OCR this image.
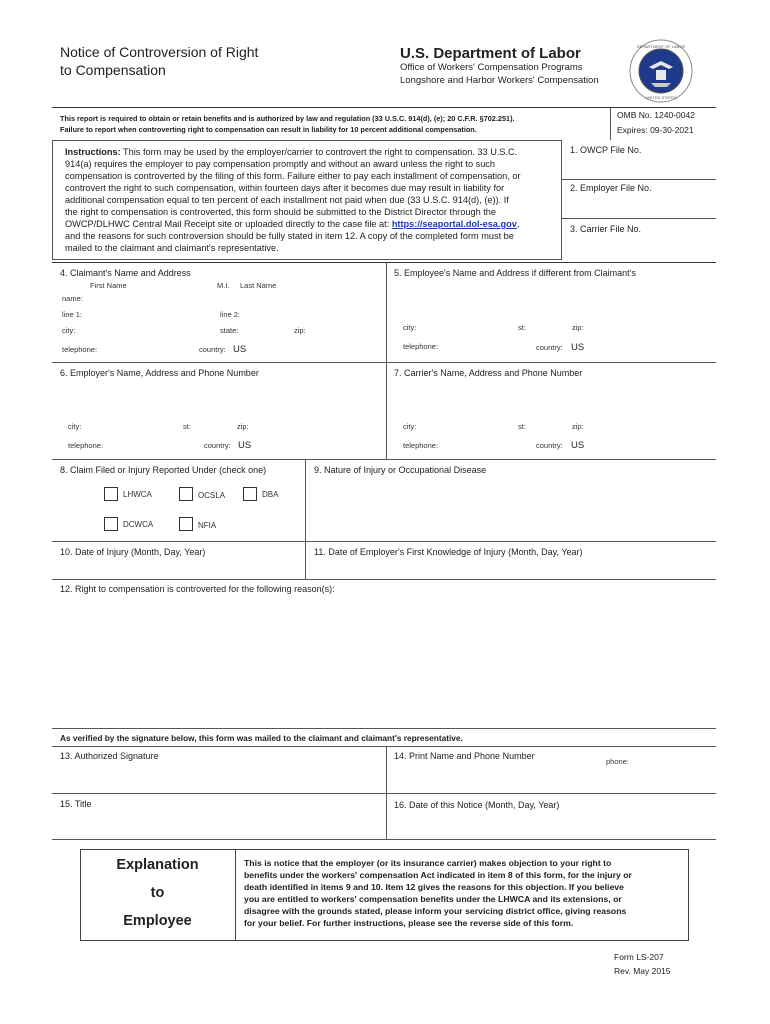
Notice of Controversion of Right
to Compensation
U.S. Department of Labor
Office of Workers' Compensation Programs
Longshore and Harbor Workers' Compensation
DEPARTMENT OF LABOR
UNITED STATES
This report is required to obtain or retain benefits and is authorized by law and regulation (33 U.S.C. 914(d), (e); 20 C.F.R. §702.251).
Failure to report when controverting right to compensation can result in liability for 10 percent additional compensation.
OMB No. 1240-0042
Expires: 09-30-2021
Instructions: This form may be used by the employer/carrier to controvert the right to compensation. 33 U.S.C.
914(a) requires the employer to pay compensation promptly and without an award unless the right to such
compensation is controverted by the filing of this form. Failure either to pay each installment of compensation, or
controvert the right to such compensation, within fourteen days after it becomes due may result in liability for
additional compensation equal to ten percent of each installment not paid when due (33 U.S.C. 914(d), (e)). If
the right to compensation is controverted, this form should be submitted to the District Director through the
OWCP/DLHWC Central Mail Receipt site or uploaded directly to the case file at: https://seaportal.dol-esa.gov,
and the reasons for such controversion should be fully stated in item 12. A copy of the completed form must be
mailed to the claimant and claimant's representative.
1. OWCP File No.
2. Employer File No.
3. Carrier File No.
4. Claimant's Name and Address
First Name	M.I. Last Name
name:
line 1:	line 2:
city:	state:	zip:
telephone:	country: US
5. Employee's Name and Address if different from Claimant's
city:	st:	zip:
telephone:	country: US
6. Employer's Name, Address and Phone Number
city:	st:	zip:
telephone:	country: US
7. Carrier's Name, Address and Phone Number
city:	st:	zip:
telephone:	country: US
8. Claim Filed or Injury Reported Under (check one)
LHWCA	OCSLA	DBA
DCWCA	NFIA
9. Nature of Injury or Occupational Disease
10. Date of Injury (Month, Day, Year)	11. Date of Employer's First Knowledge of Injury (Month, Day, Year)
12. Right to compensation is controverted for the following reason(s):
As verified by the signature below, this form was mailed to the claimant and claimant's representative.
13. Authorized Signature	14. Print Name and Phone Number
phone:
15. Title	16. Date of this Notice (Month, Day, Year)
Explanation
to
Employee
This is notice that the employer (or its insurance carrier) makes objection to your right to
benefits under the workers' compensation Act indicated in item 8 of this form, for the injury or
death identified in items 9 and 10. Item 12 gives the reasons for this objection. If you believe
you are entitled to workers' compensation benefits under the LHWCA and its extensions, or
disagree with the grounds stated, please inform your servicing district office, giving reasons
for your belief. For further instructions, please see the reverse side of this form.
Form LS-207
Rev. May 2015
